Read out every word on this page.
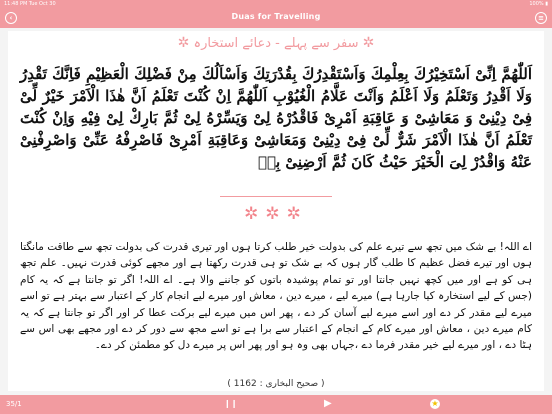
11:48 PM Tue Oct 30	100% ▮
‹	Duas for Travelling	≡
✲ سفر سے پہلے - دعائے استخارہ ✲
اَللّٰهُمَّ اِنِّىْ اَسْتَخِيْرُكَ بِعِلْمِكَ وَاَسْتَقْدِرُكَ بِقُدْرَتِكَ وَاَسْاَلُكَ مِنْ فَضْلِكَ الْعَظِيْمِ فَاِنَّكَ تَقْدِرُ وَلَا اَقْدِرُ وَتَعْلَمُ وَلَا اَعْلَمُ وَاَنْتَ عَلَّامُ الْغُيُوْبِ اَللّٰهُمَّ اِنْ كُنْتَ تَعْلَمُ اَنَّ هٰذَا الْاَمْرَ خَيْرٌ لِّىْ فِىْ دِيْنِىْ وَ مَعَاشِىْ وَ عَاقِبَةِ اَمْرِىْ فَاقْدُرْهُ لِىْ وَيَسِّرْهُ لِىْ ثُمَّ بَارِكْ لِىْ فِيْهِ وَاِنْ كُنْتَ تَعْلَمُ اَنَّ هٰذَا الْاَمْرَ شَرٌّ لِّىْ فِىْ دِيْنِىْ وَمَعَاشِىْ وَعَاقِبَةِ اَمْرِىْ فَاصْرِفْهُ عَنِّىْ وَاصْرِفْنِىْ عَنْهُ وَاقْدُرْ لِىَ الْخَيْرَ حَيْثُ كَانَ ثُمَّ اَرْضِنِىْ بِهٖ
✲✲✲
اے اللہ! بے شک میں تجھ سے تیرے علم کی بدولت خیر طلب کرتا ہوں اور تیری قدرت کی بدولت تجھ سے طاقت مانگتا ہوں اور تیرے فضل عظیم کا طلب گار ہوں کہ بے شک تو ہی قدرت رکھتا ہے اور مجھے کوئی قدرت نہیں۔ علم تجھ ہی کو ہے اور میں کچھ نہیں جانتا اور تو تمام پوشیدہ باتوں کو جاننے والا ہے۔ اے اللہ! اگر تو جانتا ہے کہ یہ کام (جس کے لیے استخارہ کیا جارہا ہے) میرے لیے ، میرے دین ، معاش اور میرے لیے انجام کار کے اعتبار سے بہتر ہے تو اسے میرے لیے مقدر کر دے اور اسے میرے لیے آسان کر دے ، پھر اس میں میرے لیے برکت عطا کر اور اگر تو جانتا ہے کہ یہ کام میرے دین ، معاش اور میرے کام کے انجام کے اعتبار سے برا ہے تو اسے مجھ سے دور کر دے اور مجھے بھی اس سے ہٹا دے ، اور میرے لیے خیر مقدر فرما دے ،جہاں بھی وہ ہو اور پھر اس پر میرے دل کو مطمئن کر دے۔
( صحیح البخاری : 1162 )
35/1	❙❙	▶	★
